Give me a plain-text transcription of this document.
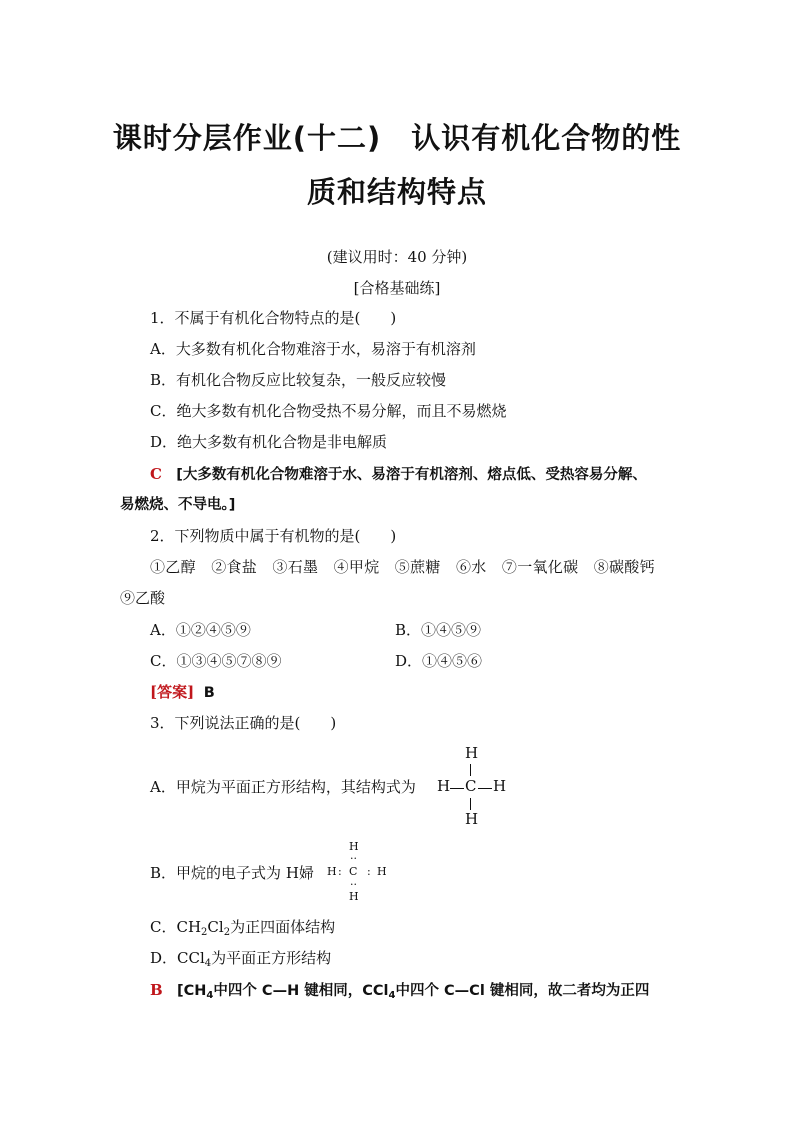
课时分层作业(十二) 认识有机化合物的性
质和结构特点
(建议用时：40 分钟)
[合格基础练]
1．不属于有机化合物特点的是(　　)
A．大多数有机化合物难溶于水，易溶于有机溶剂
B．有机化合物反应比较复杂，一般反应较慢
C．绝大多数有机化合物受热不易分解，而且不易燃烧
D．绝大多数有机化合物是非电解质
C [大多数有机化合物难溶于水、易溶于有机溶剂、熔点低、受热容易分解、
易燃烧、不导电。]
2．下列物质中属于有机物的是(　　)
①乙醇　②食盐　③石墨　④甲烷　⑤蔗糖　⑥水　⑦一氧化碳　⑧碳酸钙
⑨乙酸
A．①②④⑤⑨	B．①④⑤⑨
C．①③④⑤⑦⑧⑨	D．①④⑤⑥
[答案] B
3．下列说法正确的是(　　)
A．甲烷为平面正方形结构，其结构式为
H
H C H
H
B．甲烷的电子式为 H婦
H
··
H : C : H
··
H
C．$CH_2Cl_2$为正四面体结构
D．CCl$_4$为平面正方形结构
B [$CH_4$中四个 C—H 键相同，CCl$_4$中四个 C—Cl 键相同，故二者均为正四
